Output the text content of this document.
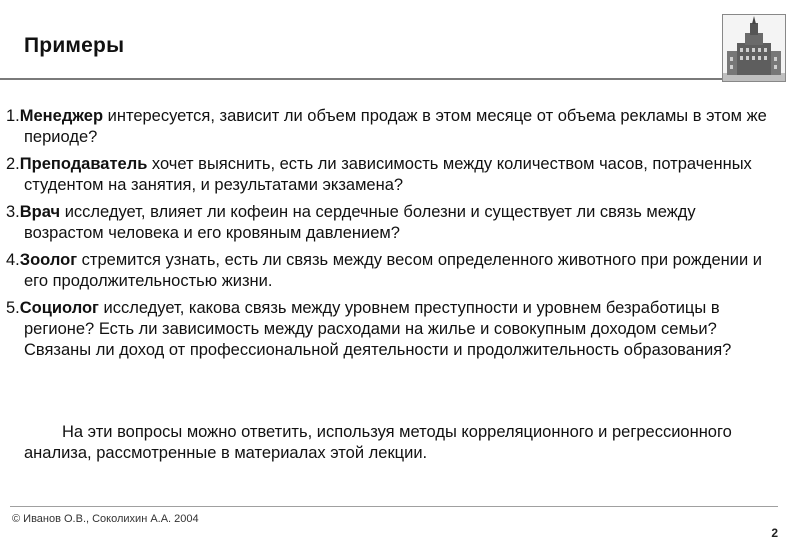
Примеры
1.Менеджер интересуется, зависит ли объем продаж в этом месяце от объема рекламы в этом же периоде?
2.Преподаватель хочет выяснить, есть ли зависимость между количеством часов, потраченных студентом на занятия, и результатами экзамена?
3.Врач исследует, влияет ли кофеин на сердечные болезни и существует ли связь между возрастом человека и его кровяным давлением?
4.Зоолог стремится узнать, есть ли связь между весом определенного животного при рождении и его продолжительностью жизни.
5.Социолог исследует, какова связь между уровнем преступности и уровнем безработицы в регионе? Есть ли зависимость между расходами на жилье и совокупным доходом семьи? Связаны ли доход от профессиональной деятельности и продолжительность образования?
На эти вопросы можно ответить, используя методы корреляционного и регрессионного анализа, рассмотренные в материалах этой лекции.
© Иванов О.В., Соколихин А.А. 2004
2
